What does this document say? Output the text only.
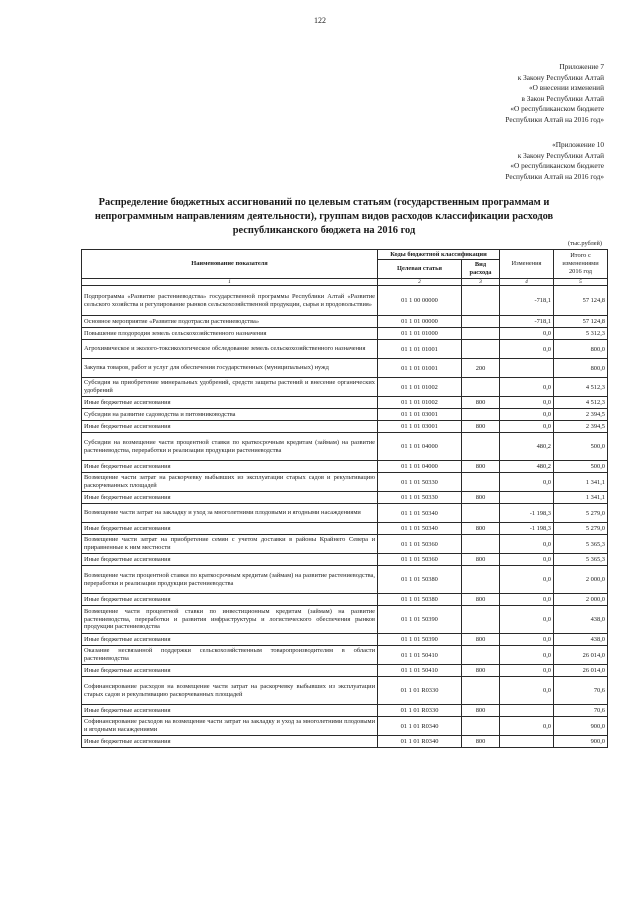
122
Приложение 7
к Закону Республики Алтай
«О внесении изменений
в Закон Республики Алтай
«О республиканском бюджете
Республики Алтай на 2016 год»
«Приложение 10
к Закону Республики Алтай
«О республиканском бюджете
Республики Алтай на 2016 год»
Распределение бюджетных ассигнований по целевым статьям (государственным программам и непрограммным направлениям деятельности), группам видов расходов классификации расходов республиканского бюджета на 2016 год
(тыс.рублей)
Наименование показателя	Коды бюджетной классификации		Изменения	Итого с изменениями 2016 год
	Целевая статья	Вид расхода		
1	2	3	4	5
Подпрограмма «Развитие растениеводства» государственной программы Республики Алтай «Развитие сельского хозяйства и регулирование рынков сельскохозяйственной продукции, сырья и продовольствия»	01 1 00 00000		-718,1	57 124,8
Основное мероприятие «Развитие подотрасли растениеводства»	01 1 01 00000		-718,1	57 124,8
Повышение плодородия земель сельскохозяйственного назначения	01 1 01 01000		0,0	5 312,3
Агрохимическое и эколого-токсикологическое обследование земель сельскохозяйственного назначения	01 1 01 01001		0,0	800,0
Закупка товаров, работ и услуг для обеспечения государственных (муниципальных) нужд	01 1 01 01001	200		800,0
Субсидия на приобретение минеральных удобрений, средств защиты растений и внесение органических удобрений	01 1 01 01002		0,0	4 512,3
Иные бюджетные ассигнования	01 1 01 01002	800	0,0	4 512,3
Субсидии на развитие садоводства и питомниководства	01 1 01 03001		0,0	2 394,5
Иные бюджетные ассигнования	01 1 01 03001	800	0,0	2 394,5
Субсидии на возмещение части процентной ставки по краткосрочным кредитам (займам) на развитие растениеводства, переработки и реализации продукции растениеводства	01 1 01 04000		480,2	500,0
Иные бюджетные ассигнования	01 1 01 04000	800	480,2	500,0
Возмещение части затрат на раскорчевку выбывших из эксплуатации старых садов и рекультивацию раскорчеванных площадей	01 1 01 50330		0,0	1 341,1
Иные бюджетные ассигнования	01 1 01 50330	800		1 341,1
Возмещение части затрат на закладку и уход за многолетними плодовыми и ягодными насаждениями	01 1 01 50340		-1 198,3	5 279,0
Иные бюджетные ассигнования	01 1 01 50340	800	-1 198,3	5 279,0
Возмещение части затрат на приобретение семян с учетом доставки в районы Крайнего Севера и приравненные к ним местности	01 1 01 50360		0,0	5 365,3
Иные бюджетные ассигнования	01 1 01 50360	800	0,0	5 365,3
Возмещение части процентной ставки по краткосрочным кредитам (займам) на развитие растениеводства, переработки и реализации продукции растениеводства	01 1 01 50380		0,0	2 000,0
Иные бюджетные ассигнования	01 1 01 50380	800	0,0	2 000,0
Возмещение части процентной ставки по инвестиционным кредитам (займам) на развитие растениеводства, переработки и развития инфраструктуры и логистического обеспечения рынков продукции растениеводства	01 1 01 50390		0,0	438,0
Иные бюджетные ассигнования	01 1 01 50390	800	0,0	438,0
Оказание несвязанной поддержки сельскохозяйственным товаропроизводителям в области растениеводства	01 1 01 50410		0,0	26 014,0
Иные бюджетные ассигнования	01 1 01 50410	800	0,0	26 014,0
Софинансирование расходов на возмещение части затрат на раскорчевку выбывших из эксплуатации старых садов и рекультивацию раскорчеванных площадей	01 1 01 R0330		0,0	70,6
Иные бюджетные ассигнования	01 1 01 R0330	800		70,6
Софинансирование расходов на возмещение части затрат на закладку и уход за многолетними плодовыми и ягодными насаждениями	01 1 01 R0340		0,0	900,0
Иные бюджетные ассигнования	01 1 01 R0340	800		900,0
